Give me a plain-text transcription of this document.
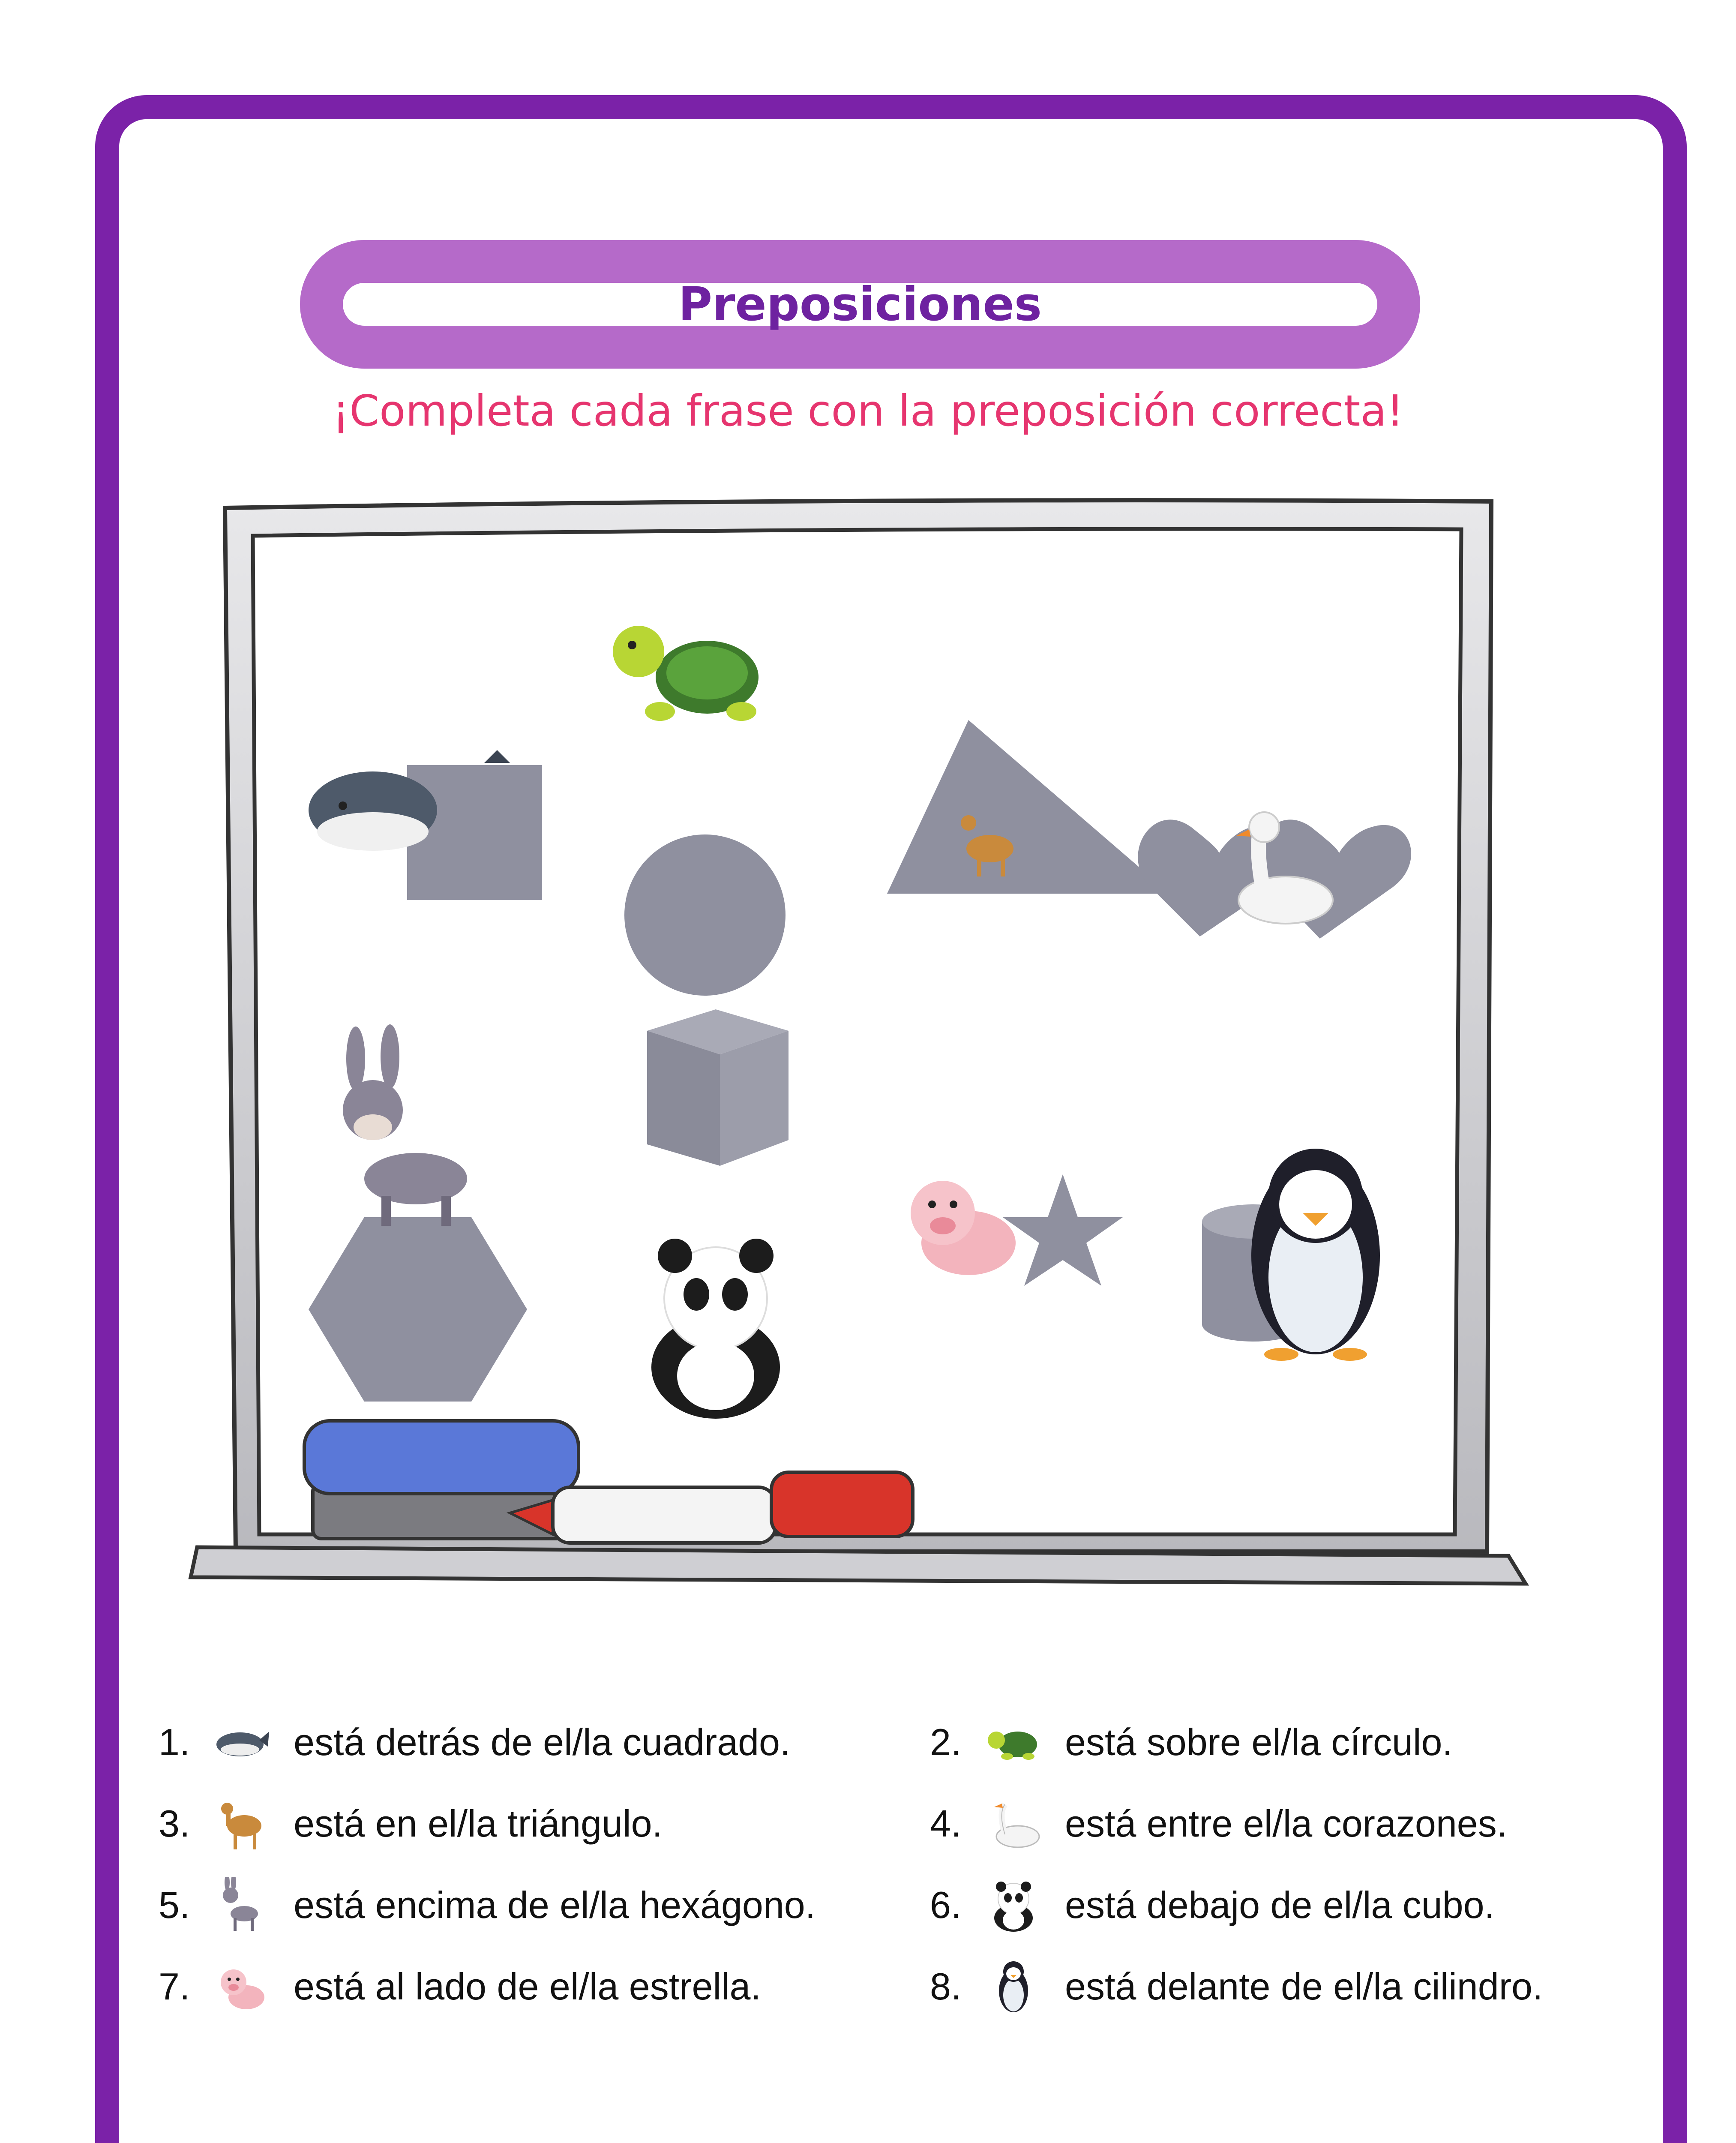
Preposiciones
¡Completa cada frase con la preposición correcta!
1.	está detrás de el/la cuadrado.	2.	está sobre el/la círculo.
3.	está en el/la triángulo.	4.	está entre el/la corazones.
5.	está encima de el/la hexágono.	6.	está debajo de el/la cubo.
7.	está al lado de el/la estrella.	8.	está delante de el/la cilindro.
